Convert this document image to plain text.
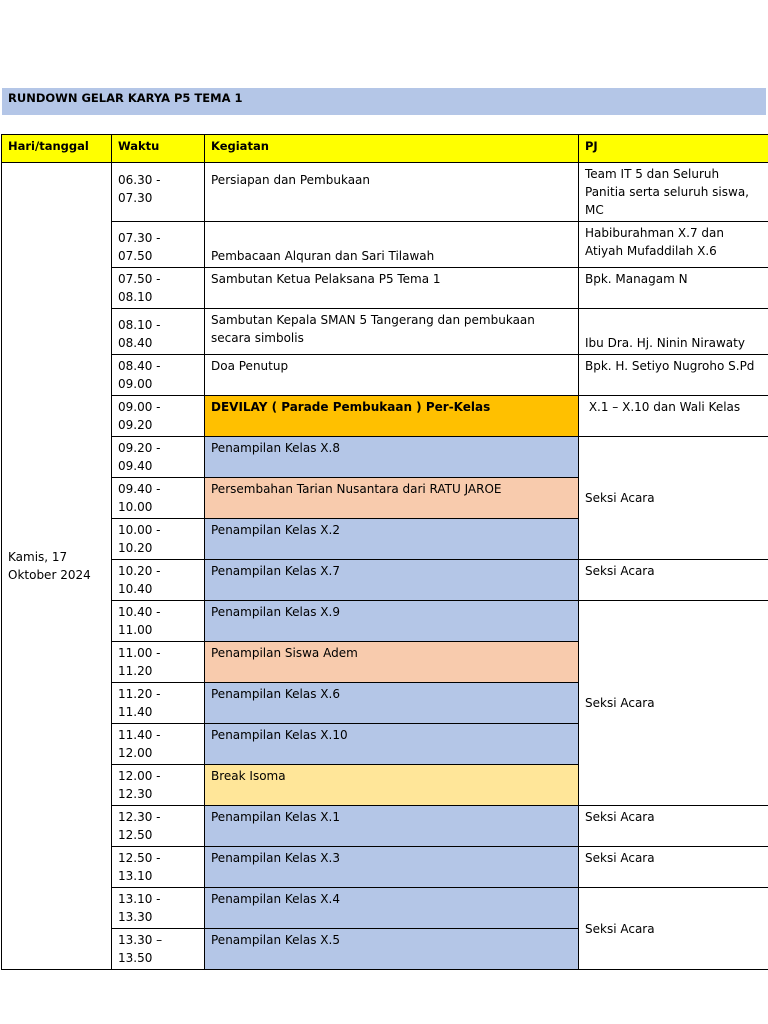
RUNDOWN GELAR KARYA P5 TEMA 1
Hari/tanggal	Waktu	Kegiatan	PJ
Kamis, 17 Oktober 2024	06.30 - 07.30	Persiapan dan Pembukaan	Team IT 5 dan Seluruh Panitia serta seluruh siswa, MC
	07.30 - 07.50	Pembacaan Alquran dan Sari Tilawah	Habiburahman X.7 dan Atiyah Mufaddilah X.6
	07.50 - 08.10	Sambutan Ketua Pelaksana P5 Tema 1	Bpk. Managam N
	08.10 - 08.40	Sambutan Kepala SMAN 5 Tangerang dan pembukaan secara simbolis	Ibu Dra. Hj. Ninin Nirawaty
	08.40 - 09.00	Doa Penutup	Bpk. H. Setiyo Nugroho S.Pd
	09.00 - 09.20	DEVILAY ( Parade Pembukaan ) Per-Kelas	X.1 – X.10 dan Wali Kelas
	09.20 - 09.40	Penampilan Kelas X.8	Seksi Acara
	09.40 - 10.00	Persembahan Tarian Nusantara dari RATU JAROE	
	10.00 - 10.20	Penampilan Kelas X.2	
	10.20 - 10.40	Penampilan Kelas X.7	Seksi Acara
	10.40 - 11.00	Penampilan Kelas X.9	Seksi Acara
	11.00 - 11.20	Penampilan Siswa Adem	
	11.20 - 11.40	Penampilan Kelas X.6	
	11.40 - 12.00	Penampilan Kelas X.10	
	12.00 - 12.30	Break Isoma	
	12.30 - 12.50	Penampilan Kelas X.1	Seksi Acara
	12.50 - 13.10	Penampilan Kelas X.3	Seksi Acara
	13.10 - 13.30	Penampilan Kelas X.4	Seksi Acara
	13.30 – 13.50	Penampilan Kelas X.5	
